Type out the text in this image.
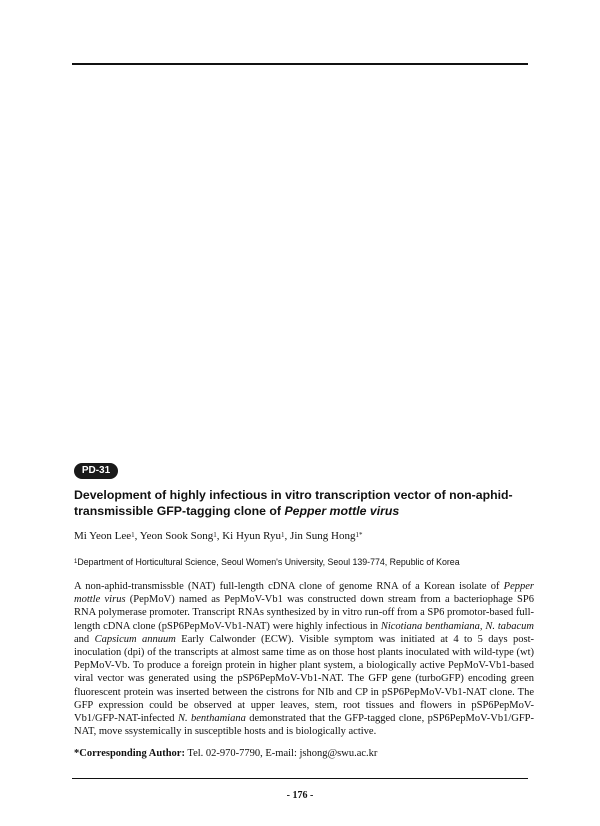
PD-31
Development of highly infectious in vitro transcription vector of non-aphid-transmissible GFP-tagging clone of Pepper mottle virus
Mi Yeon Lee$^1$, Yeon Sook Song$^1$, Ki Hyun Ryu$^1$, Jin Sung Hong$^{1*}$
$^1$Department of Horticultural Science, Seoul Women's University, Seoul 139-774, Republic of Korea
A non-aphid-transmissble (NAT) full-length cDNA clone of genome RNA of a Korean isolate of Pepper mottle virus (PepMoV) named as PepMoV-Vb1 was constructed down stream from a bacteriophage SP6 RNA polymerase promoter. Transcript RNAs synthesized by in vitro run-off from a SP6 promotor-based full-length cDNA clone (pSP6PepMoV-Vb1-NAT) were highly infectious in Nicotiana benthamiana, N. tabacum and Capsicum annuum Early Calwonder (ECW). Visible symptom was initiated at 4 to 5 days post-inoculation (dpi) of the transcripts at almost same time as on those host plants inoculated with wild-type (wt) PepMoV-Vb. To produce a foreign protein in higher plant system, a biologically active PepMoV-Vb1-based viral vector was generated using the pSP6PepMoV-Vb1-NAT. The GFP gene (turboGFP) encoding green fluorescent protein was inserted between the cistrons for NIb and CP in pSP6PepMoV-Vb1-NAT clone. The GFP expression could be observed at upper leaves, stem, root tissues and flowers in pSP6PepMoV-Vb1/GFP-NAT-infected N. benthamiana demonstrated that the GFP-tagged clone, pSP6PepMoV-Vb1/GFP-NAT, move ssystemically in susceptible hosts and is biologically active.
*Corresponding Author: Tel. 02-970-7790, E-mail: jshong@swu.ac.kr
- 176 -
